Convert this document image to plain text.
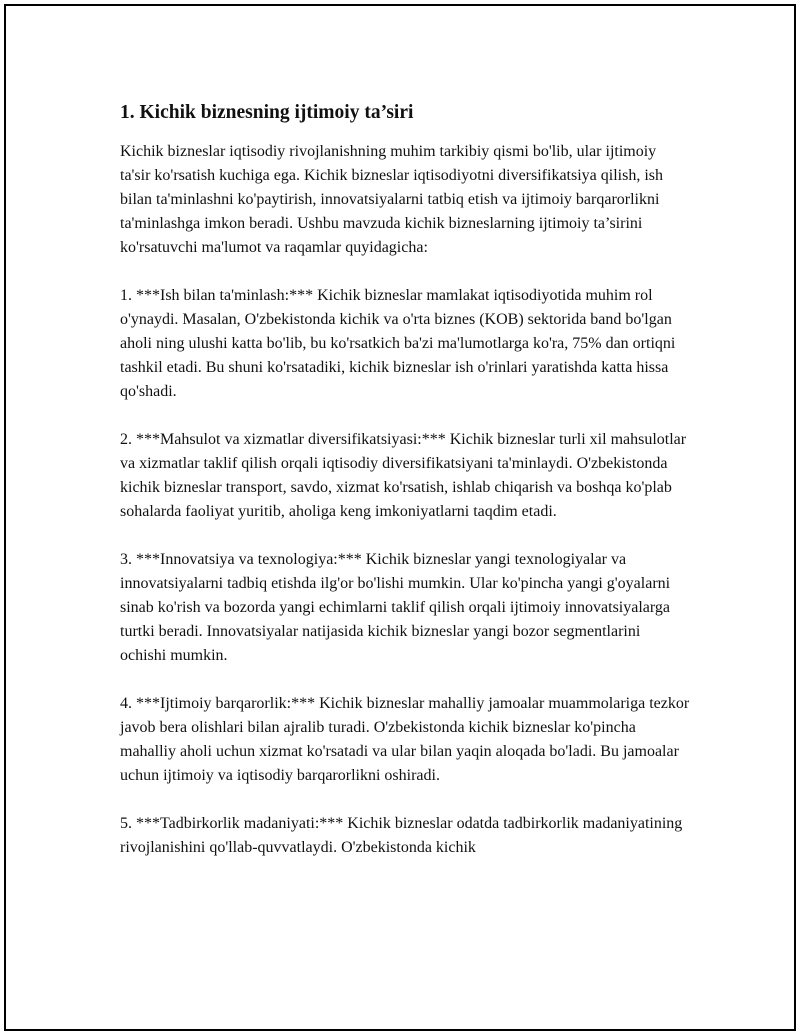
1. Kichik biznesning ijtimoiy ta’siri

Kichik bizneslar iqtisodiy rivojlanishning muhim tarkibiy qismi bo'lib, ular ijtimoiy ta'sir ko'rsatish kuchiga ega. Kichik bizneslar iqtisodiyotni diversifikatsiya qilish, ish bilan ta'minlashni ko'paytirish, innovatsiyalarni tatbiq etish va ijtimoiy barqarorlikni ta'minlashga imkon beradi. Ushbu mavzuda kichik bizneslarning ijtimoiy ta’sirini ko'rsatuvchi ma'lumot va raqamlar quyidagicha:

1. ***Ish bilan ta'minlash:*** Kichik bizneslar mamlakat iqtisodiyotida muhim rol o'ynaydi. Masalan, O'zbekistonda kichik va o'rta biznes (KOB) sektorida band bo'lgan aholi ning ulushi katta bo'lib, bu ko'rsatkich ba'zi ma'lumotlarga ko'ra, 75% dan ortiqni tashkil etadi. Bu shuni ko'rsatadiki, kichik bizneslar ish o'rinlari yaratishda katta hissa qo'shadi.

2. ***Mahsulot va xizmatlar diversifikatsiyasi:*** Kichik bizneslar turli xil mahsulotlar va xizmatlar taklif qilish orqali iqtisodiy diversifikatsiyani ta'minlaydi. O'zbekistonda kichik bizneslar transport, savdo, xizmat ko'rsatish, ishlab chiqarish va boshqa ko'plab sohalarda faoliyat yuritib, aholiga keng imkoniyatlarni taqdim etadi.

3. ***Innovatsiya va texnologiya:*** Kichik bizneslar yangi texnologiyalar va innovatsiyalarni tadbiq etishda ilg'or bo'lishi mumkin. Ular ko'pincha yangi g'oyalarni sinab ko'rish va bozorda yangi echimlarni taklif qilish orqali ijtimoiy innovatsiyalarga turtki beradi. Innovatsiyalar natijasida kichik bizneslar yangi bozor segmentlarini ochishi mumkin.

4. ***Ijtimoiy barqarorlik:*** Kichik bizneslar mahalliy jamoalar muammolariga tezkor javob bera olishlari bilan ajralib turadi. O'zbekistonda kichik bizneslar ko'pincha mahalliy aholi uchun xizmat ko'rsatadi va ular bilan yaqin aloqada bo'ladi. Bu jamoalar uchun ijtimoiy va iqtisodiy barqarorlikni oshiradi.

5. ***Tadbirkorlik madaniyati:*** Kichik bizneslar odatda tadbirkorlik madaniyatining rivojlanishini qo'llab-quvvatlaydi. O'zbekistonda kichik
